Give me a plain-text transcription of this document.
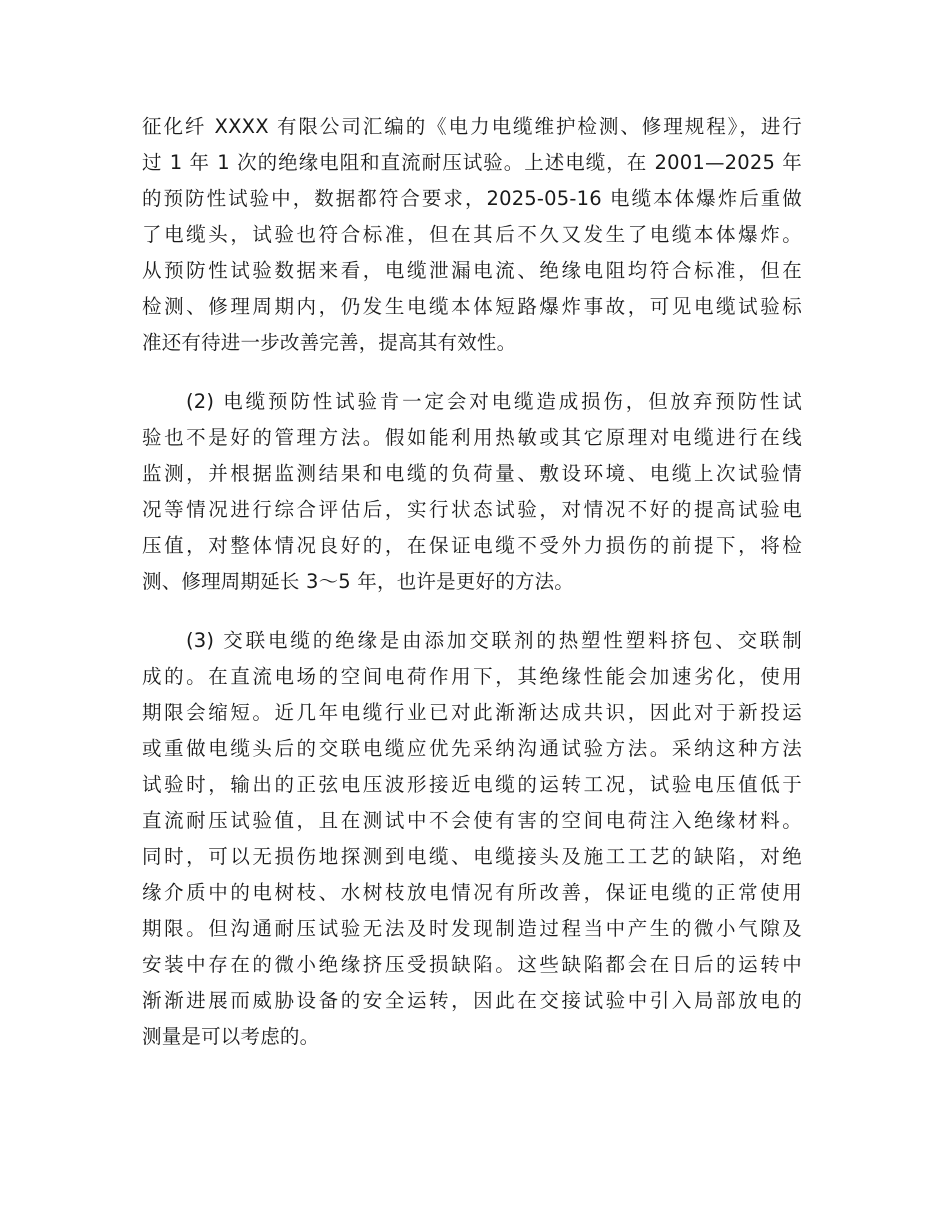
征化纤 XXXX 有限公司汇编的《电力电缆维护检测、修理规程》，进行
过 1 年 1 次的绝缘电阻和直流耐压试验。上述电缆，在 2001—2025 年
的预防性试验中，数据都符合要求，2025-05-16 电缆本体爆炸后重做
了电缆头，试验也符合标准，但在其后不久又发生了电缆本体爆炸。
从预防性试验数据来看，电缆泄漏电流、绝缘电阻均符合标准，但在
检测、修理周期内，仍发生电缆本体短路爆炸事故，可见电缆试验标
准还有待进一步改善完善，提高其有效性。
(2) 电缆预防性试验肯一定会对电缆造成损伤，但放弃预防性试
验也不是好的管理方法。假如能利用热敏或其它原理对电缆进行在线
监测，并根据监测结果和电缆的负荷量、敷设环境、电缆上次试验情
况等情况进行综合评估后，实行状态试验，对情况不好的提高试验电
压值，对整体情况良好的，在保证电缆不受外力损伤的前提下，将检
测、修理周期延长 3～5 年，也许是更好的方法。
(3) 交联电缆的绝缘是由添加交联剂的热塑性塑料挤包、交联制
成的。在直流电场的空间电荷作用下，其绝缘性能会加速劣化，使用
期限会缩短。近几年电缆行业已对此渐渐达成共识，因此对于新投运
或重做电缆头后的交联电缆应优先采纳沟通试验方法。采纳这种方法
试验时，输出的正弦电压波形接近电缆的运转工况，试验电压值低于
直流耐压试验值，且在测试中不会使有害的空间电荷注入绝缘材料。
同时，可以无损伤地探测到电缆、电缆接头及施工工艺的缺陷，对绝
缘介质中的电树枝、水树枝放电情况有所改善，保证电缆的正常使用
期限。但沟通耐压试验无法及时发现制造过程当中产生的微小气隙及
安装中存在的微小绝缘挤压受损缺陷。这些缺陷都会在日后的运转中
渐渐进展而威胁设备的安全运转，因此在交接试验中引入局部放电的
测量是可以考虑的。
